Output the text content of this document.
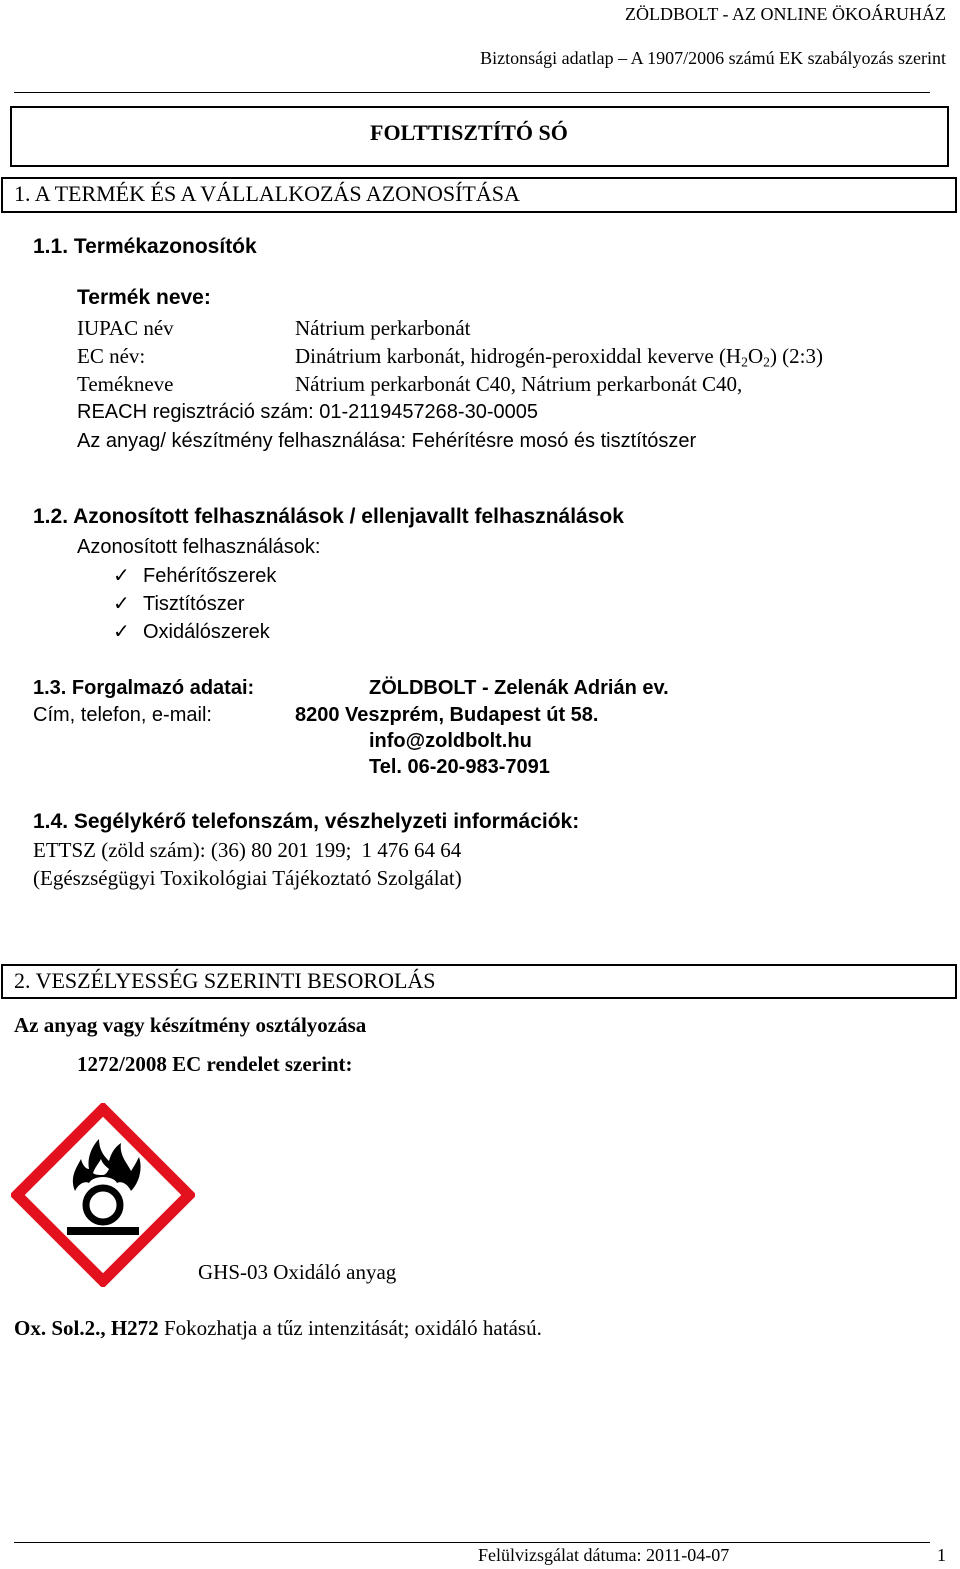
ZÖLDBOLT - AZ ONLINE ÖKOÁRUHÁZ
Biztonsági adatlap – A 1907/2006 számú EK szabályozás szerint
FOLTTISZTÍTÓ SÓ
1. A TERMÉK ÉS A VÁLLALKOZÁS AZONOSÍTÁSA
1.1. Termékazonosítók
Termék neve:
IUPAC név	Nátrium perkarbonát
EC név:	Dinátrium karbonát, hidrogén-peroxiddal keverve $(H_2O_2)$ (2:3)
Temékneve	Nátrium perkarbonát C40, Nátrium perkarbonát C40,
REACH regisztráció szám: 01-2119457268-30-0005
Az anyag/ készítmény felhasználása: Fehérítésre mosó és tisztítószer
1.2. Azonosított felhasználások / ellenjavallt felhasználások
Azonosított felhasználások:
✓ Fehérítőszerek
✓ Tisztítószer
✓ Oxidálószerek
1.3. Forgalmazó adatai:	ZÖLDBOLT - Zelenák Adrián ev.
Cím, telefon, e-mail:	8200 Veszprém, Budapest út 58.
info@zoldbolt.hu
Tel. 06-20-983-7091
1.4. Segélykérő telefonszám, vészhelyzeti információk:
ETTSZ (zöld szám): (36) 80 201 199; 1 476 64 64
(Egészségügyi Toxikológiai Tájékoztató Szolgálat)
2. VESZÉLYESSÉG SZERINTI BESOROLÁS
Az anyag vagy készítmény osztályozása
1272/2008 EC rendelet szerint:
GHS-03 Oxidáló anyag
Ox. Sol.2., H272 Fokozhatja a tűz intenzitását; oxidáló hatású.
Felülvizsgálat dátuma: 2011-04-07	1
